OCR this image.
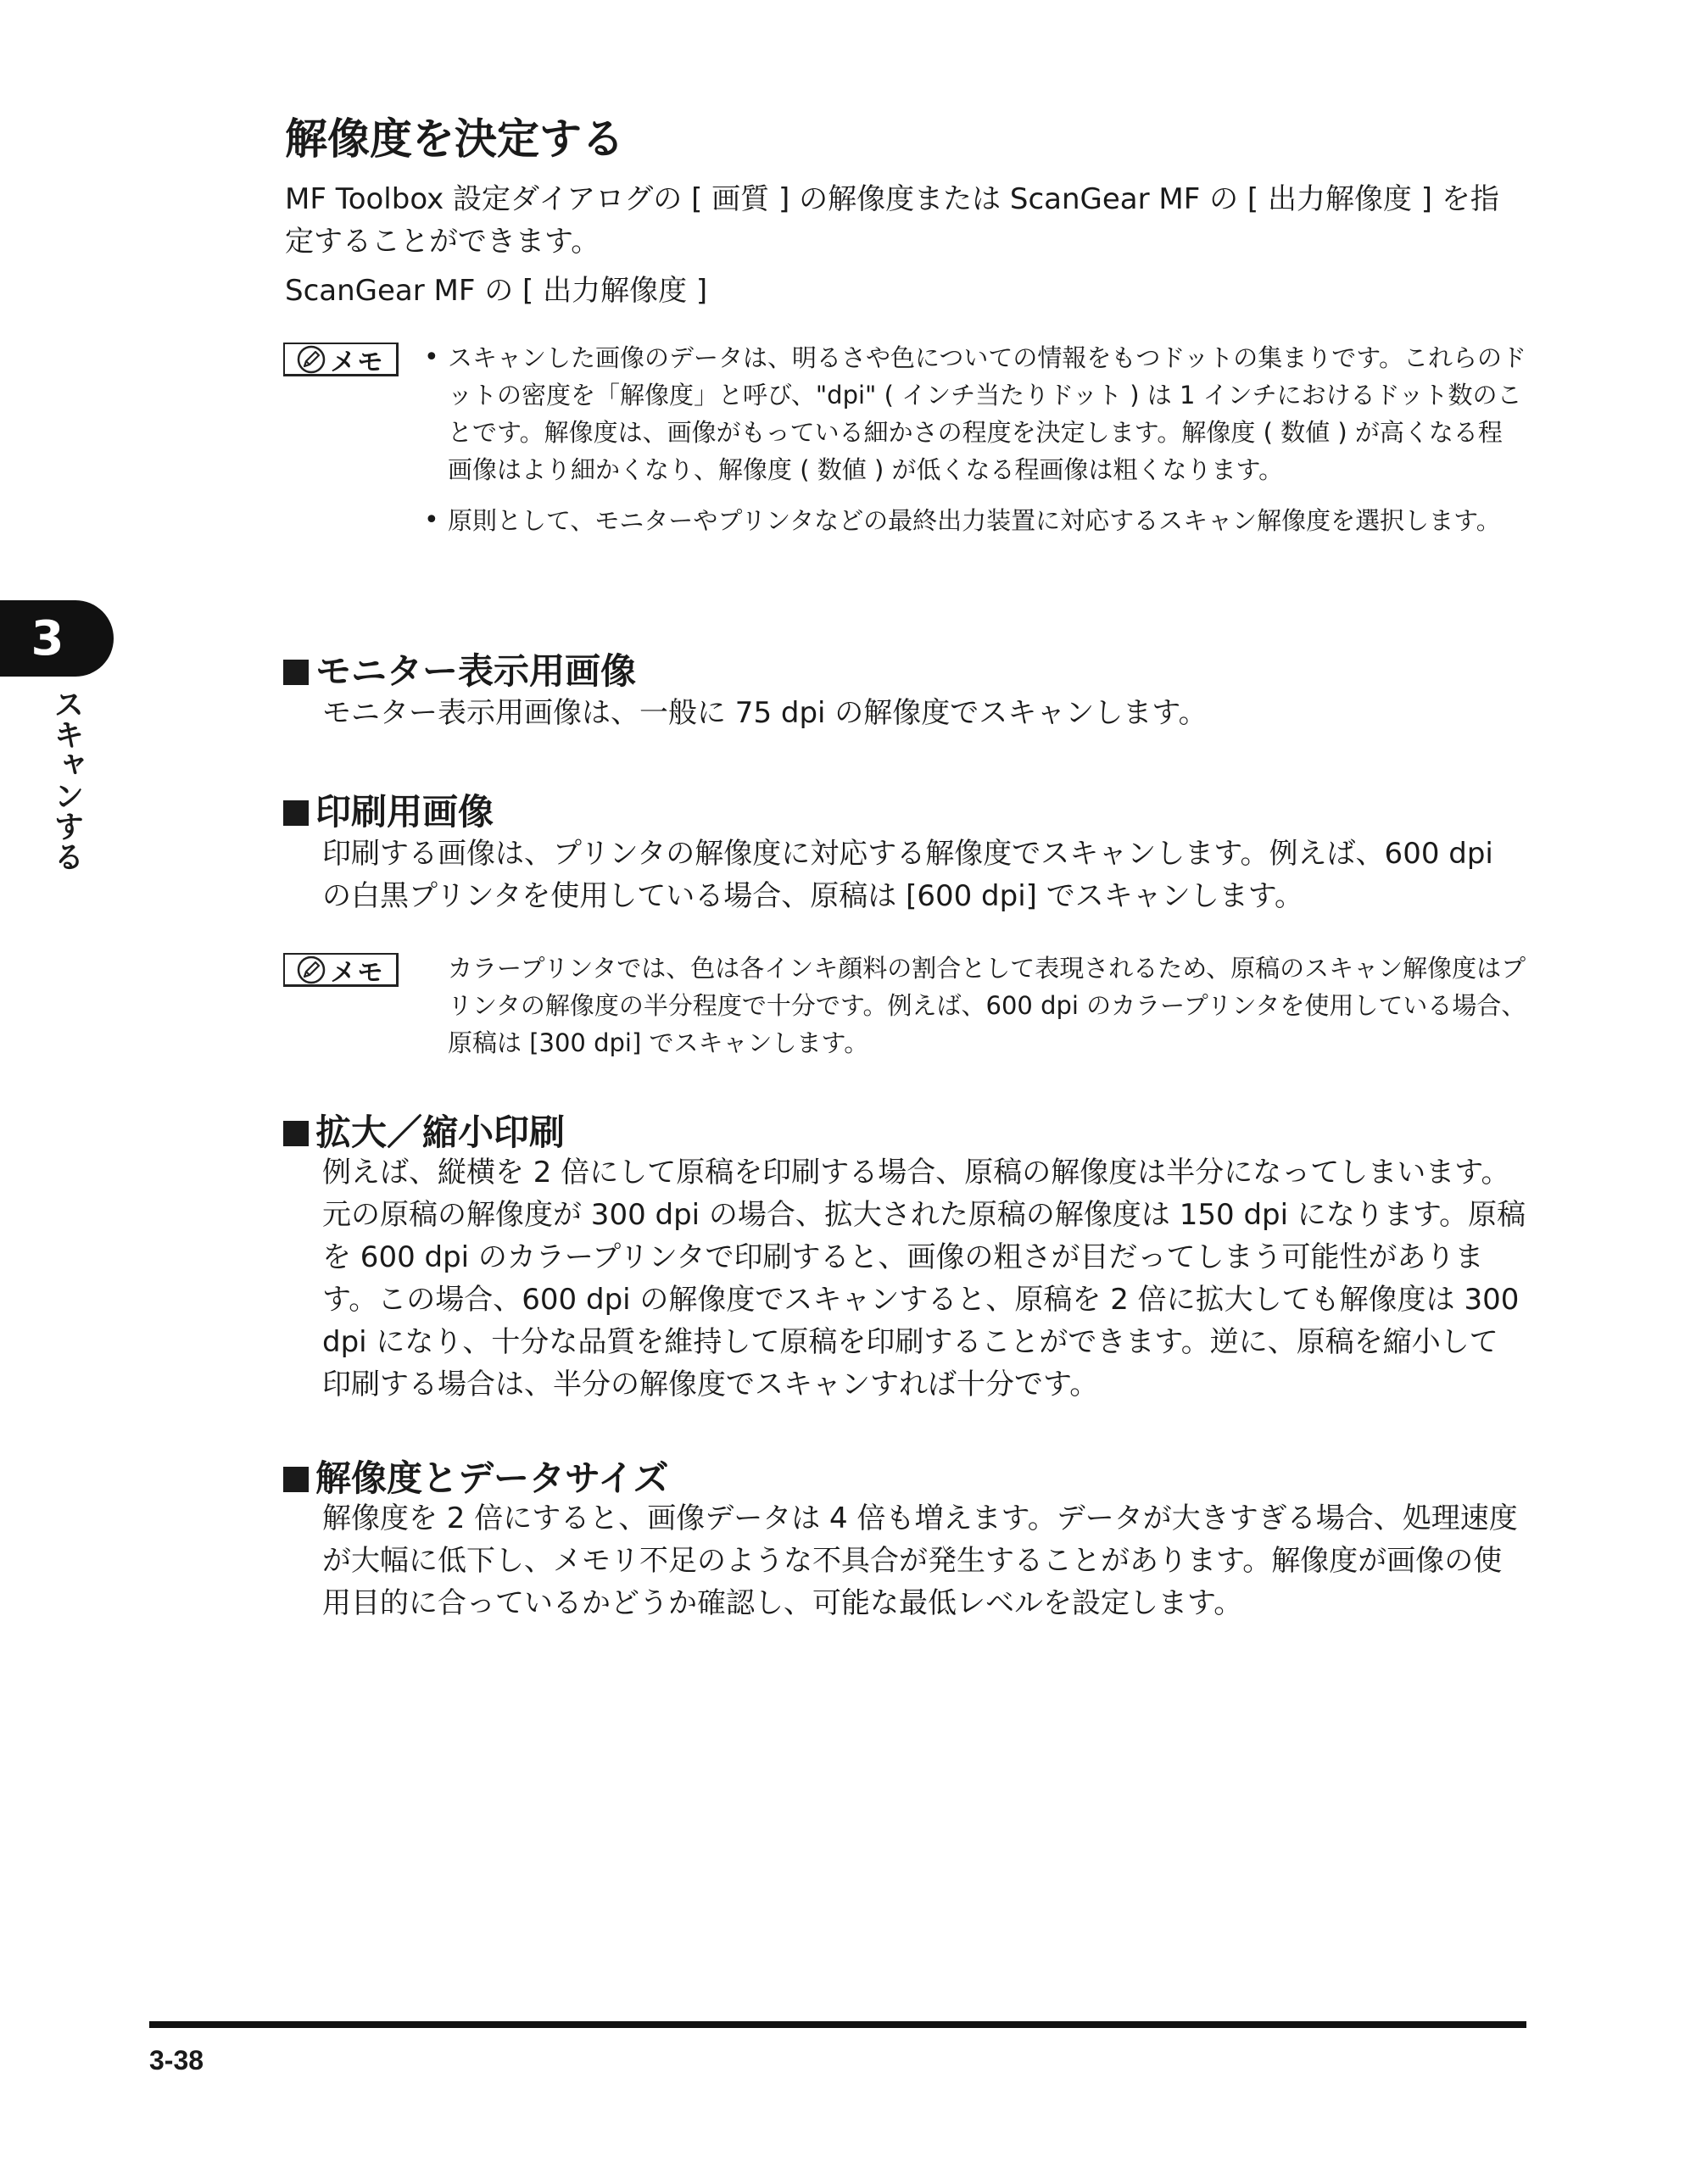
3
スキャンする
解像度を決定する

MF Toolbox 設定ダイアログの [ 画質 ] の解像度または ScanGear MF の [ 出力解像度 ] を指定することができます。

ScanGear MF の [ 出力解像度 ]

メモ

•	スキャンした画像のデータは、明るさや色についての情報をもつドットの集まりです。これらのドットの密度を「解像度」と呼び、"dpi" ( インチ当たりドット ) は 1 インチにおけるドット数のことです。解像度は、画像がもっている細かさの程度を決定します。解像度 ( 数値 ) が高くなる程画像はより細かくなり、解像度 ( 数値 ) が低くなる程画像は粗くなります。

• 原則として、モニターやプリンタなどの最終出力装置に対応するスキャン解像度を選択します。

モニター表示用画像

モニター表示用画像は、一般に 75 dpi の解像度でスキャンします。

印刷用画像

印刷する画像は、プリンタの解像度に対応する解像度でスキャンします。例えば、600 dpi の白黒プリンタを使用している場合、原稿は [600 dpi] でスキャンします。

メモ	カラープリンタでは、色は各インキ顔料の割合として表現されるため、原稿のスキャン解像度はプリンタの解像度の半分程度で十分です。例えば、600 dpi のカラープリンタを使用している場合、原稿は [300 dpi] でスキャンします。

拡大／縮小印刷

例えば、縦横を 2 倍にして原稿を印刷する場合、原稿の解像度は半分になってしまいます。元の原稿の解像度が 300 dpi の場合、拡大された原稿の解像度は 150 dpi になります。原稿を 600 dpi のカラープリンタで印刷すると、画像の粗さが目だってしまう可能性があります。この場合、600 dpi の解像度でスキャンすると、原稿を 2 倍に拡大しても解像度は 300 dpi になり、十分な品質を維持して原稿を印刷することができます。逆に、原稿を縮小して印刷する場合は、半分の解像度でスキャンすれば十分です。

解像度とデータサイズ

解像度を 2 倍にすると、画像データは 4 倍も増えます。データが大きすぎる場合、処理速度が大幅に低下し、メモリ不足のような不具合が発生することがあります。解像度が画像の使用目的に合っているかどうか確認し、可能な最低レベルを設定します。

3-38
